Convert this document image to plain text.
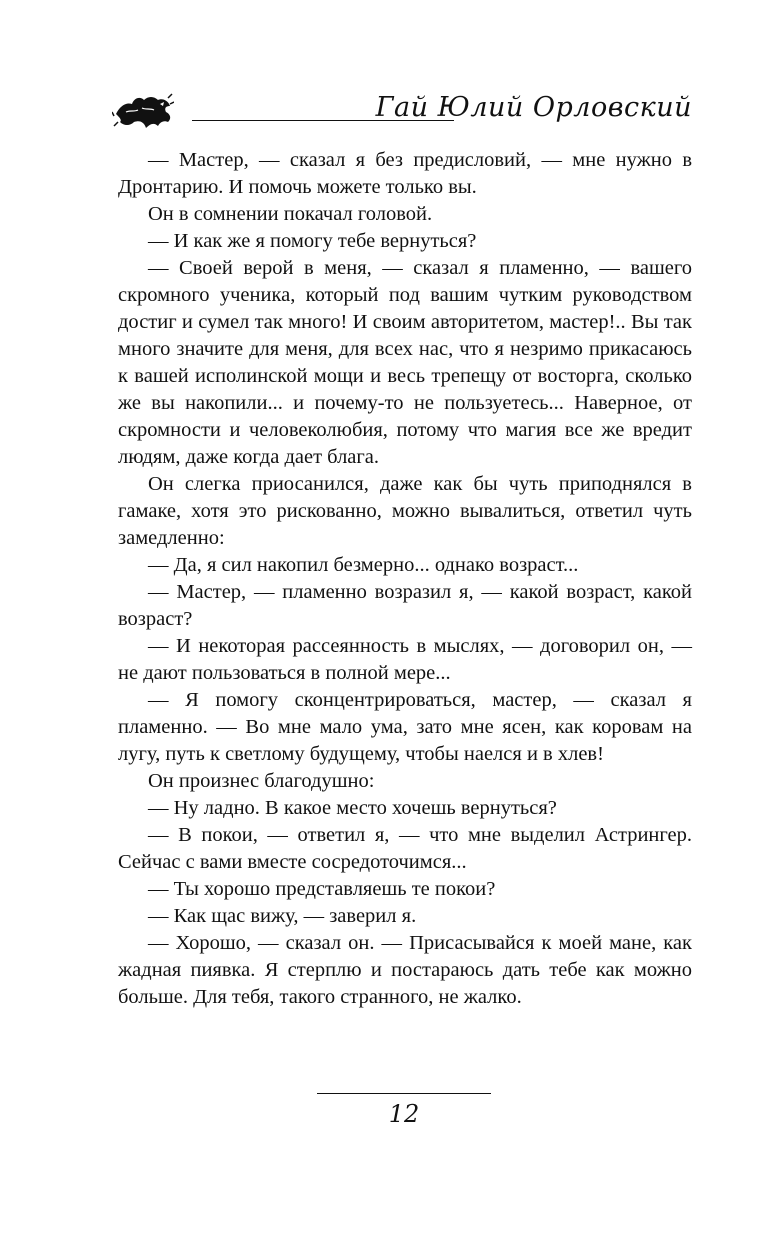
Гай Юлий Орловский

— Мастер, — сказал я без предисловий, — мне нужно в Дронтарию. И помочь можете только вы.

Он в сомнении покачал головой.

— И как же я помогу тебе вернуться?

— Своей верой в меня, — сказал я пламенно, — вашего скромного ученика, который под вашим чутким руководством достиг и сумел так много! И своим авторитетом, мастер!.. Вы так много значите для меня, для всех нас, что я незримо прикасаюсь к вашей исполинской мощи и весь трепещу от восторга, сколько же вы накопили... и почему-то не пользуетесь... Наверное, от скромности и человеколюбия, потому что магия все же вредит людям, даже когда дает блага.

Он слегка приосанился, даже как бы чуть приподнялся в гамаке, хотя это рискованно, можно вывалиться, ответил чуть замедленно:

— Да, я сил накопил безмерно... однако возраст...

— Мастер, — пламенно возразил я, — какой возраст, какой возраст?

— И некоторая рассеянность в мыслях, — договорил он, — не дают пользоваться в полной мере...

— Я помогу сконцентрироваться, мастер, — сказал я пламенно. — Во мне мало ума, зато мне ясен, как коровам на лугу, путь к светлому будущему, чтобы наелся и в хлев!

Он произнес благодушно:

— Ну ладно. В какое место хочешь вернуться?

— В покои, — ответил я, — что мне выделил Астрингер. Сейчас с вами вместе сосредоточимся...

— Ты хорошо представляешь те покои?

— Как щас вижу, — заверил я.

— Хорошо, — сказал он. — Присасывайся к моей мане, как жадная пиявка. Я стерплю и постараюсь дать тебе как можно больше. Для тебя, такого странного, не жалко.

12
